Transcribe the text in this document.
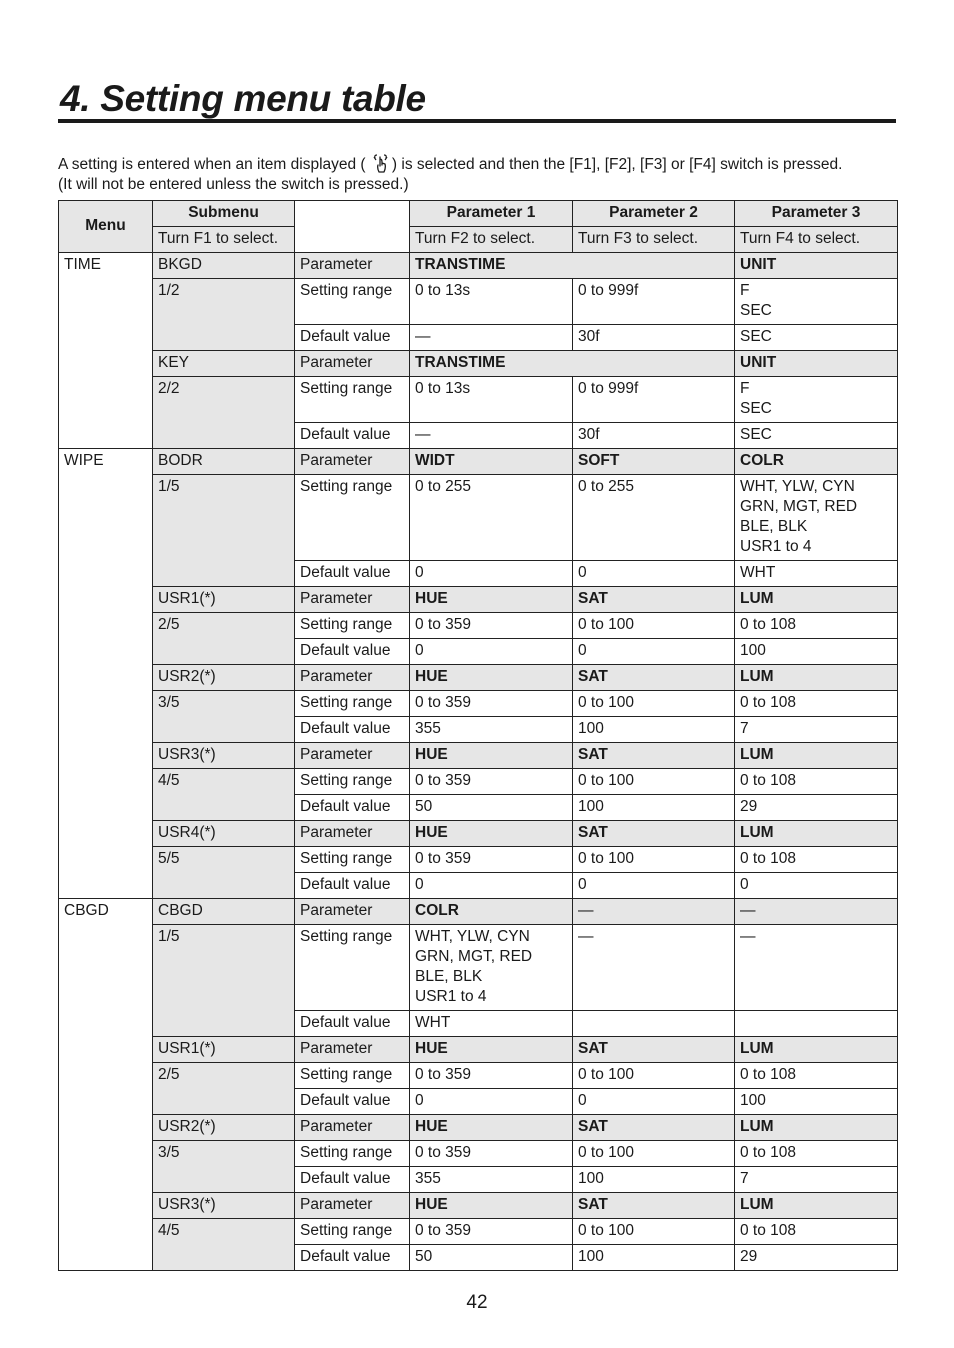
4. Setting menu table

A setting is entered when an item displayed ( ) is selected and then the [F1], [F2], [F3] or [F4] switch is pressed.

(It will not be entered unless the switch is pressed.)

Menu	Submenu		Parameter 1	Parameter 2	Parameter 3
	Turn F1 to select.		Turn F2 to select.	Turn F3 to select.	Turn F4 to select.
TIME	BKGD	Parameter	TRANSTIME		UNIT
	1/2	Setting range	0 to 13s	0 to 999f	F
SEC

		Default value	—	30f	SEC
	KEY	Parameter	TRANSTIME		UNIT
	2/2	Setting range	0 to 13s	0 to 999f	F
SEC

		Default value	—	30f	SEC
WIPE	BODR	Parameter	WIDT	SOFT	COLR
	1/5	Setting range	0 to 255	0 to 255	WHT, YLW, CYN
GRN, MGT, RED
BLE, BLK
USR1 to 4

		Default value	0	0	WHT
	USR1(*)	Parameter	HUE	SAT	LUM
	2/5	Setting range	0 to 359	0 to 100	0 to 108
		Default value	0	0	100
	USR2(*)	Parameter	HUE	SAT	LUM
	3/5	Setting range	0 to 359	0 to 100	0 to 108
		Default value	355	100	7
	USR3(*)	Parameter	HUE	SAT	LUM
	4/5	Setting range	0 to 359	0 to 100	0 to 108
		Default value	50	100	29
	USR4(*)	Parameter	HUE	SAT	LUM
	5/5	Setting range	0 to 359	0 to 100	0 to 108
		Default value	0	0	0
CBGD	CBGD	Parameter	COLR	—	—
	1/5	Setting range	WHT, YLW, CYN
GRN, MGT, RED
BLE, BLK
USR1 to 4	—	—
		Default value	WHT		
	USR1(*)	Parameter	HUE	SAT	LUM
	2/5	Setting range	0 to 359	0 to 100	0 to 108
		Default value	0	0	100
	USR2(*)	Parameter	HUE	SAT	LUM
	3/5	Setting range	0 to 359	0 to 100	0 to 108
		Default value	355	100	7
	USR3(*)	Parameter	HUE	SAT	LUM
	4/5	Setting range	0 to 359	0 to 100	0 to 108
		Default value	50	100	29
42
